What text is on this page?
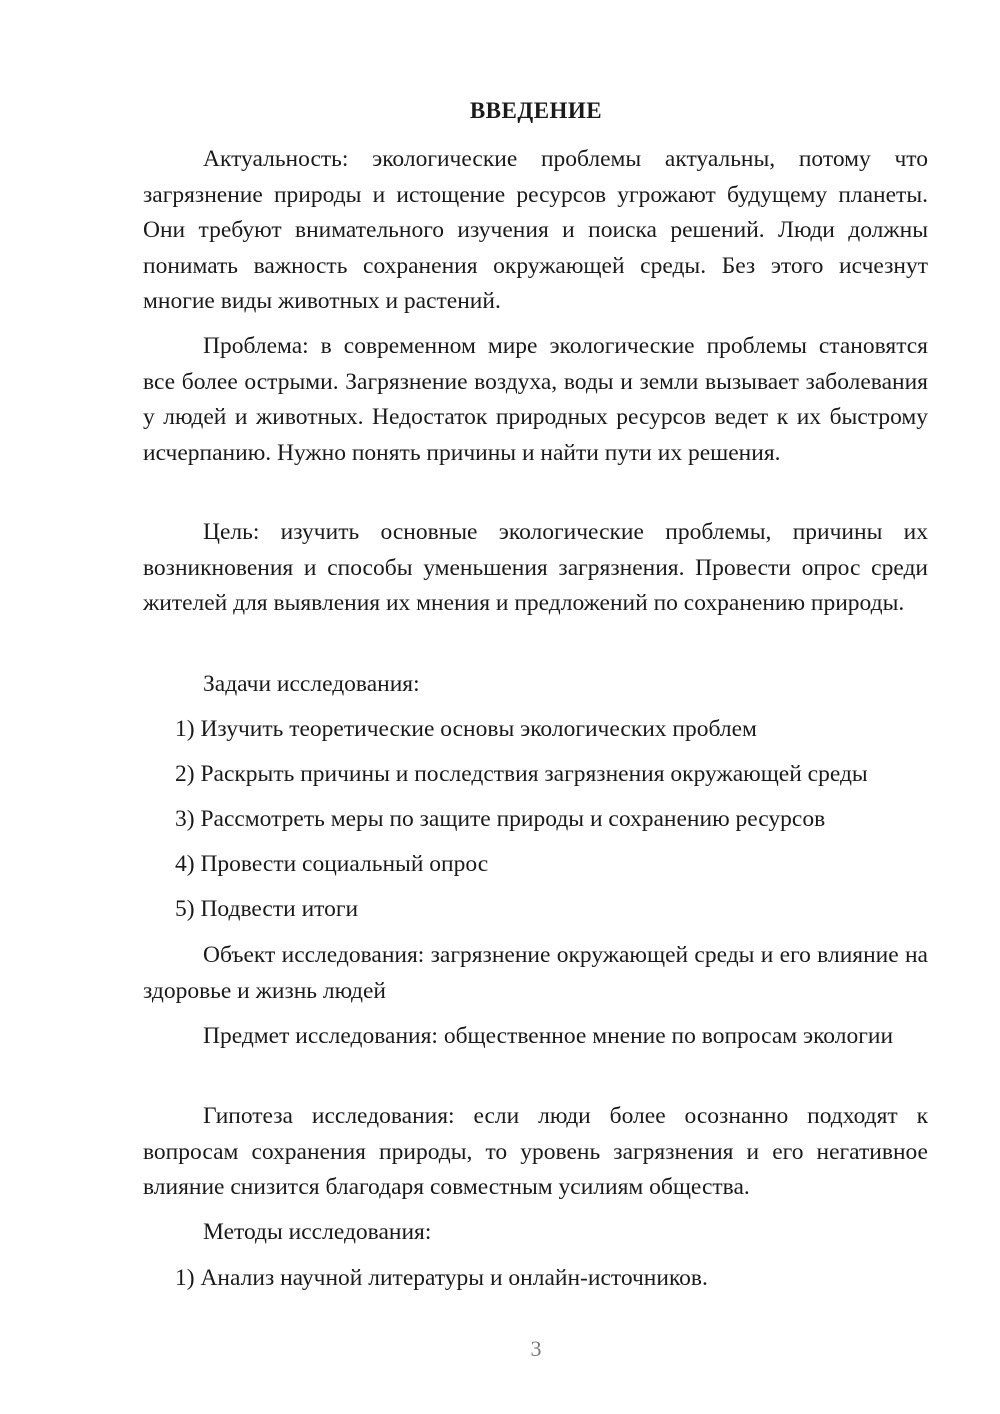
ВВЕДЕНИЕ

Актуальность: экологические проблемы актуальны, потому что загрязнение природы и истощение ресурсов угрожают будущему планеты. Они требуют внимательного изучения и поиска решений. Люди должны понимать важность сохранения окружающей среды. Без этого исчезнут многие виды животных и растений.

Проблема: в современном мире экологические проблемы становятся все более острыми. Загрязнение воздуха, воды и земли вызывает заболевания у людей и животных. Недостаток природных ресурсов ведет к их быстрому исчерпанию. Нужно понять причины и найти пути их решения.

Цель: изучить основные экологические проблемы, причины их возникновения и способы уменьшения загрязнения. Провести опрос среди жителей для выявления их мнения и предложений по сохранению природы.

Задачи исследования:

1) Изучить теоретические основы экологических проблем

2) Раскрыть причины и последствия загрязнения окружающей среды

3) Рассмотреть меры по защите природы и сохранению ресурсов

4) Провести социальный опрос

5) Подвести итоги

Объект исследования: загрязнение окружающей среды и его влияние на здоровье и жизнь людей

Предмет исследования: общественное мнение по вопросам экологии

Гипотеза исследования: если люди более осознанно подходят к вопросам сохранения природы, то уровень загрязнения и его негативное влияние снизится благодаря совместным усилиям общества.

Методы исследования:

1) Анализ научной литературы и онлайн-источников.

3
